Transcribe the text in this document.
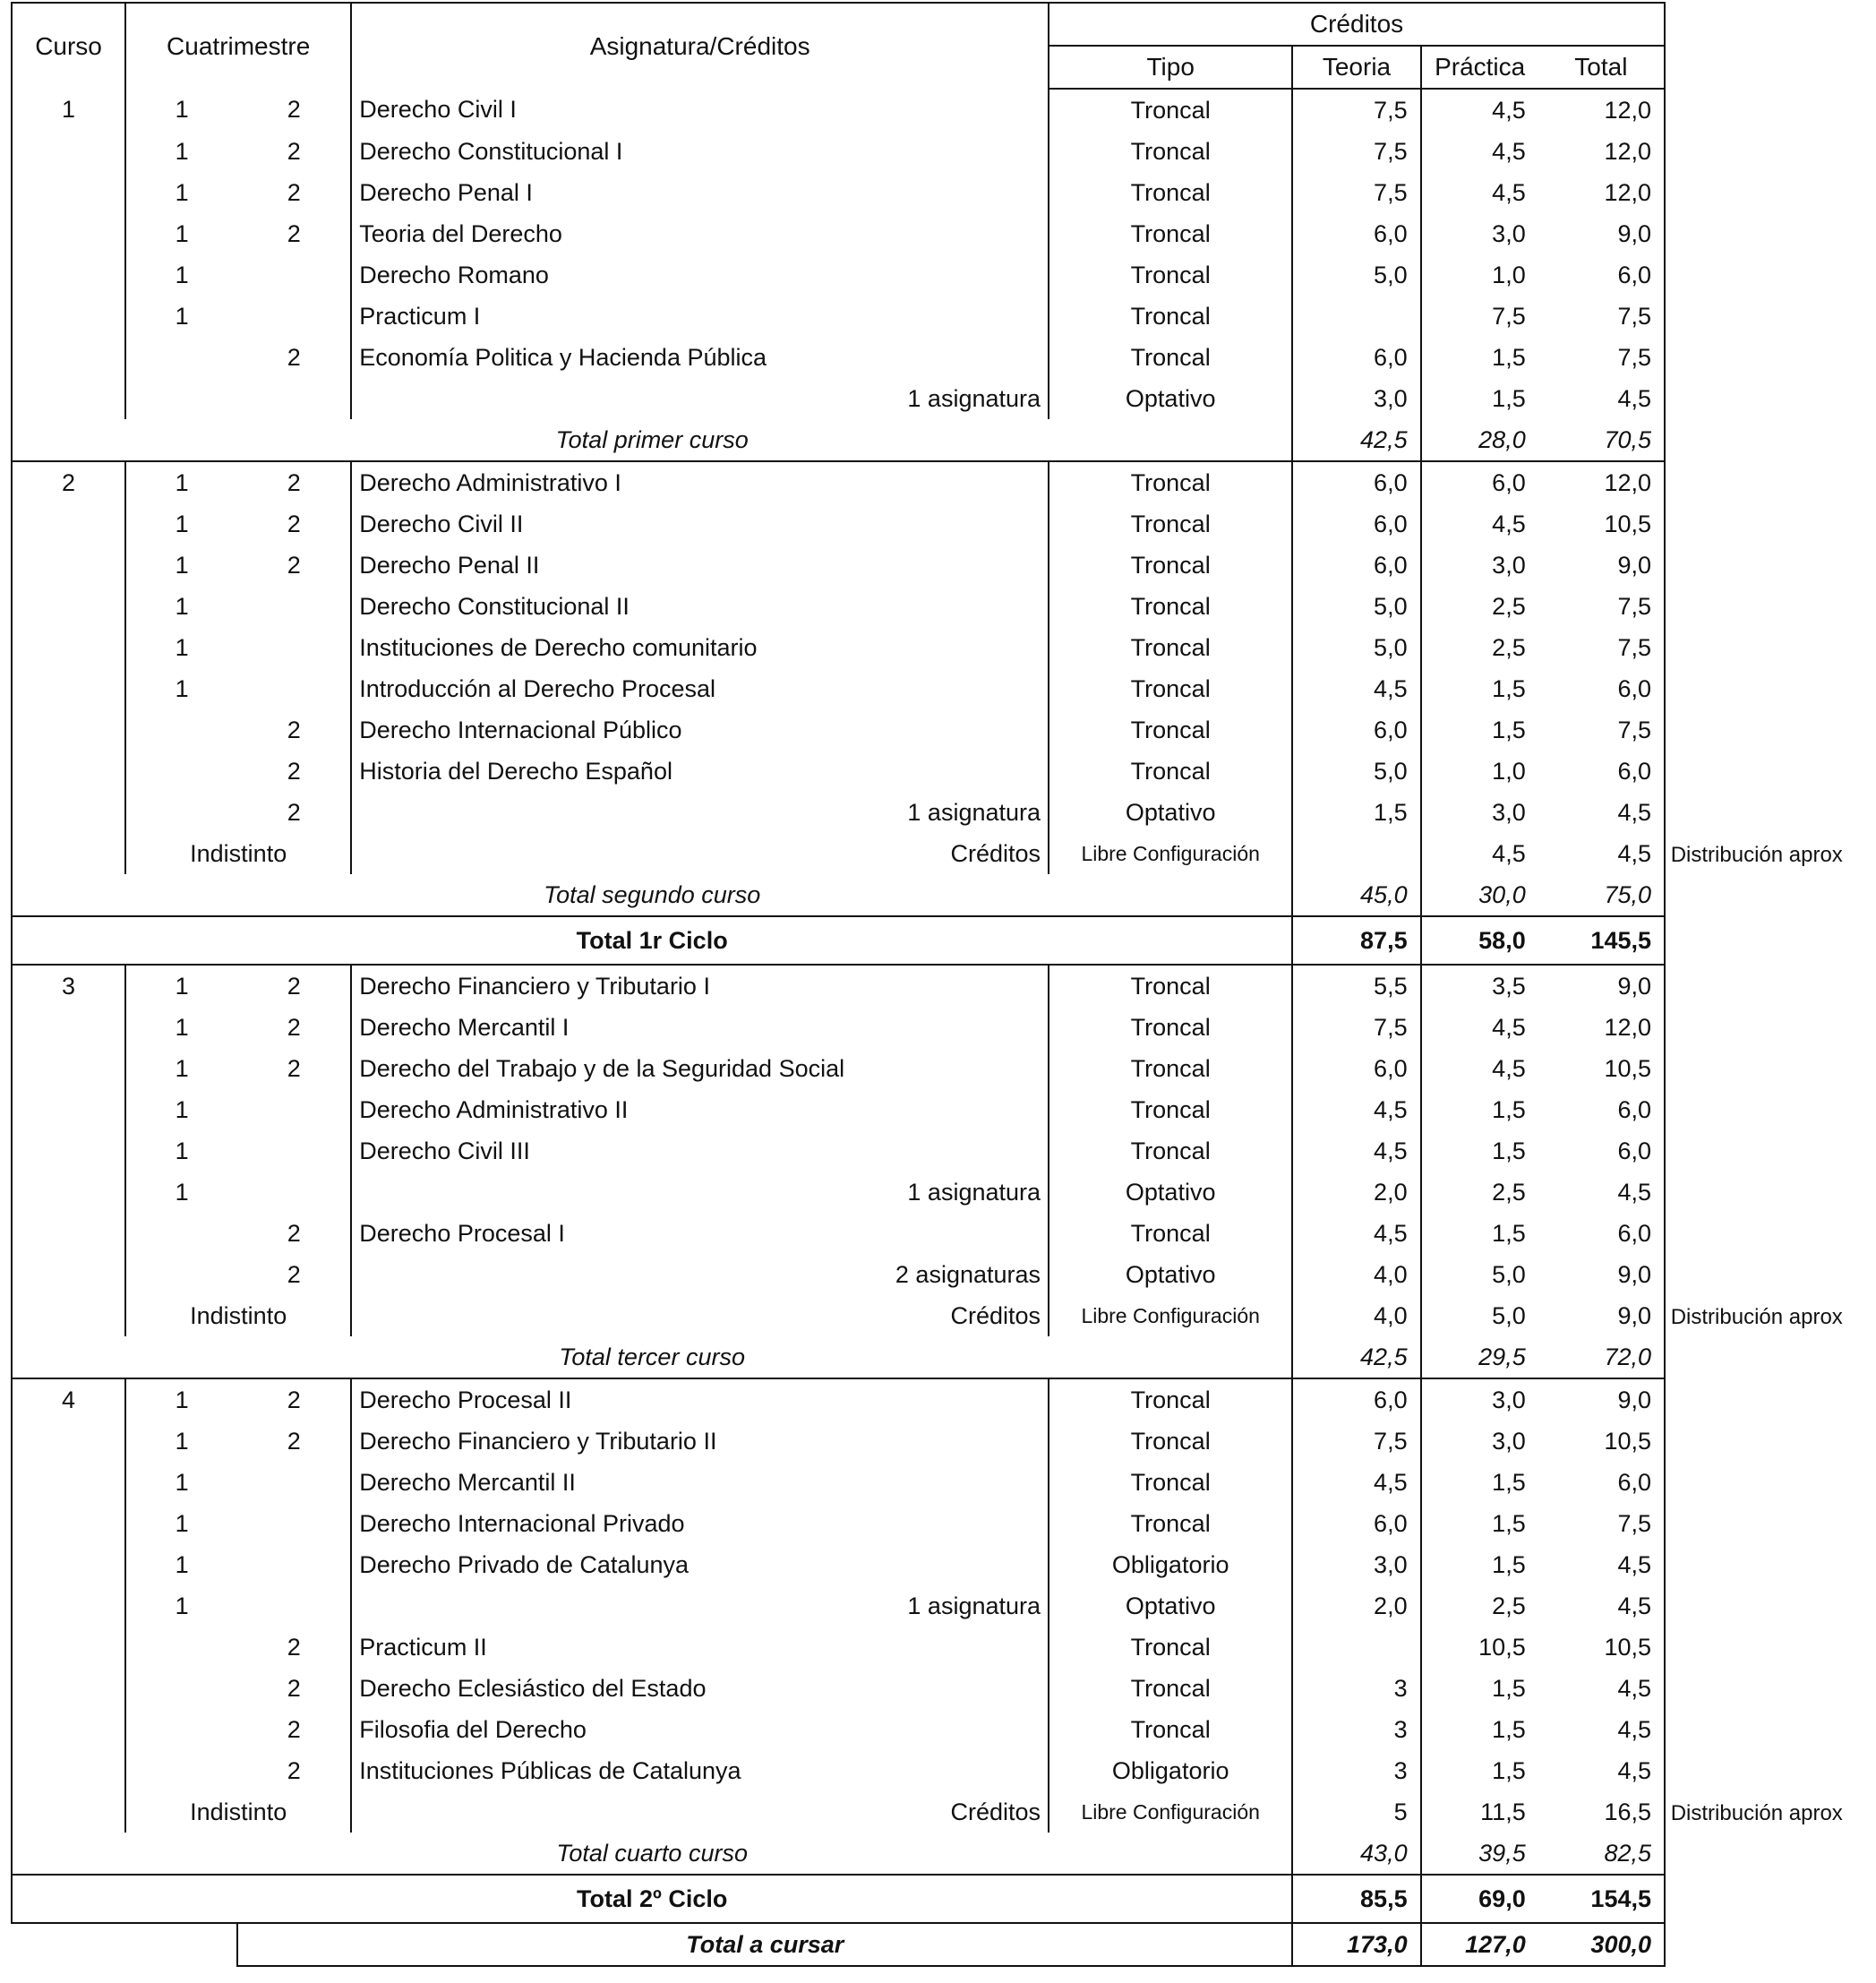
Curso	Cuatrimestre		Asignatura/Créditos	Créditos			
				Tipo	Teoria	Práctica	Total
1	1	2	Derecho Civil I	Troncal	7,5	4,5	12,0
	1	2	Derecho Constitucional I	Troncal	7,5	4,5	12,0
	1	2	Derecho Penal I	Troncal	7,5	4,5	12,0
	1	2	Teoria del Derecho	Troncal	6,0	3,0	9,0
	1		Derecho Romano	Troncal	5,0	1,0	6,0
	1		Practicum I	Troncal		7,5	7,5
		2	Economía Politica y Hacienda Pública	Troncal	6,0	1,5	7,5
			1 asignatura	Optativo	3,0	1,5	4,5
Total primer curso					42,5	28,0	70,5
2	1	2	Derecho Administrativo I	Troncal	6,0	6,0	12,0
	1	2	Derecho Civil II	Troncal	6,0	4,5	10,5
	1	2	Derecho Penal II	Troncal	6,0	3,0	9,0
	1		Derecho Constitucional II	Troncal	5,0	2,5	7,5
	1		Instituciones de Derecho comunitario	Troncal	5,0	2,5	7,5
	1		Introducción al Derecho Procesal	Troncal	4,5	1,5	6,0
		2	Derecho Internacional Público	Troncal	6,0	1,5	7,5
		2	Historia del Derecho Español	Troncal	5,0	1,0	6,0
		2	1 asignatura	Optativo	1,5	3,0	4,5
	Indistinto		Créditos	Libre Configuración		4,5	4,5 Distribución aprox

Total segundo curso					45,0	30,0	75,0
Total 1r Ciclo					87,5	58,0	145,5
3	1	2	Derecho Financiero y Tributario I	Troncal	5,5	3,5	9,0
	1	2	Derecho Mercantil I	Troncal	7,5	4,5	12,0
	1	2	Derecho del Trabajo y de la Seguridad Social	Troncal	6,0	4,5	10,5
	1		Derecho Administrativo II	Troncal	4,5	1,5	6,0
	1		Derecho Civil III	Troncal	4,5	1,5	6,0
	1		1 asignatura	Optativo	2,0	2,5	4,5
		2	Derecho Procesal I	Troncal	4,5	1,5	6,0
		2	2 asignaturas	Optativo	4,0	5,0	9,0
	Indistinto		Créditos	Libre Configuración	4,0	5,0	9,0 Distribución aprox

Total tercer curso					42,5	29,5	72,0
4	1	2	Derecho Procesal II	Troncal	6,0	3,0	9,0
	1	2	Derecho Financiero y Tributario II	Troncal	7,5	3,0	10,5
	1		Derecho Mercantil II	Troncal	4,5	1,5	6,0
	1		Derecho Internacional Privado	Troncal	6,0	1,5	7,5
	1		Derecho Privado de Catalunya	Obligatorio	3,0	1,5	4,5
	1		1 asignatura	Optativo	2,0	2,5	4,5
		2	Practicum II	Troncal		10,5	10,5
		2	Derecho Eclesiástico del Estado	Troncal	3	1,5	4,5
		2	Filosofia del Derecho	Troncal	3	1,5	4,5
		2	Instituciones Públicas de Catalunya	Obligatorio	3	1,5	4,5
	Indistinto		Créditos	Libre Configuración	5	11,5	16,5 Distribución aprox

Total cuarto curso					43,0	39,5	82,5
Total 2º Ciclo					85,5	69,0	154,5
		Total a cursar			173,0	127,0	300,0
